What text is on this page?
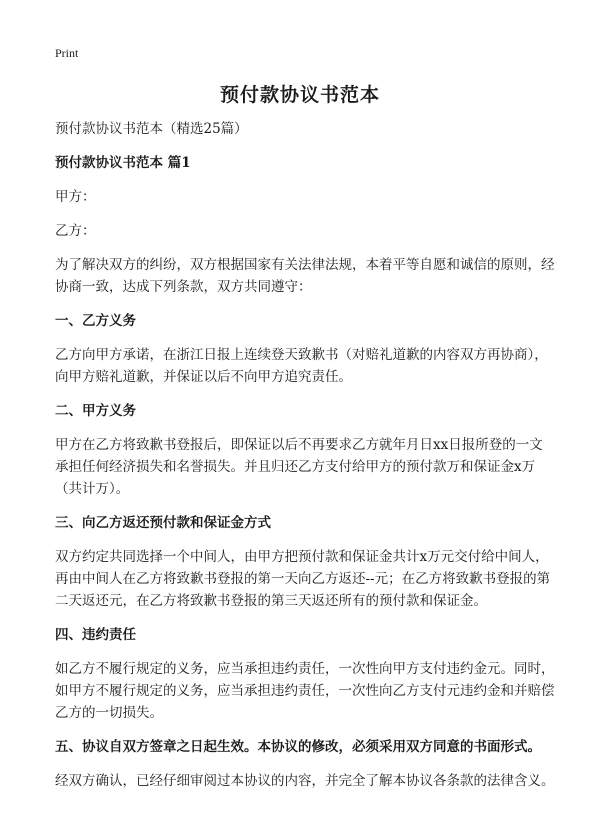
Print
预付款协议书范本

预付款协议书范本（精选25篇）

预付款协议书范本 篇1

甲方：

乙方：

为了解决双方的纠纷，双方根据国家有关法律法规，本着平等自愿和诚信的原则，经协商一致，达成下列条款，双方共同遵守：

一、乙方义务

乙方向甲方承诺，在浙江日报上连续登天致歉书（对赔礼道歉的内容双方再协商），向甲方赔礼道歉，并保证以后不向甲方追究责任。

二、甲方义务

甲方在乙方将致歉书登报后，即保证以后不再要求乙方就年月日xx日报所登的一文承担任何经济损失和名誉损失。并且归还乙方支付给甲方的预付款万和保证金x万（共计万）。

三、向乙方返还预付款和保证金方式

双方约定共同选择一个中间人，由甲方把预付款和保证金共计x万元交付给中间人，再由中间人在乙方将致歉书登报的第一天向乙方返还--元；在乙方将致歉书登报的第二天返还元，在乙方将致歉书登报的第三天返还所有的预付款和保证金。

四、违约责任

如乙方不履行规定的义务，应当承担违约责任，一次性向甲方支付违约金元。同时，如甲方不履行规定的义务，应当承担违约责任，一次性向乙方支付元违约金和并赔偿乙方的一切损失。

五、协议自双方签章之日起生效。本协议的修改，必须采用双方同意的书面形式。

经双方确认，已经仔细审阅过本协议的内容，并完全了解本协议各条款的法律含义。
